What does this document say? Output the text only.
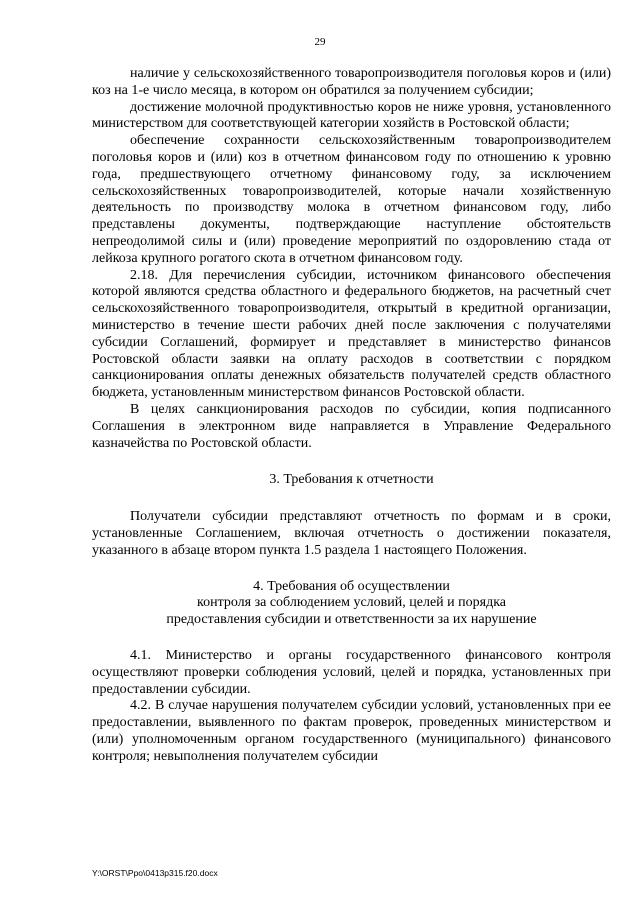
29

наличие у сельскохозяйственного товаропроизводителя поголовья коров и (или) коз на 1-е число месяца, в котором он обратился за получением субсидии;

достижение молочной продуктивностью коров не ниже уровня, установленного министерством для соответствующей категории хозяйств в Ростовской области;

обеспечение сохранности сельскохозяйственным товаропроизводителем поголовья коров и (или) коз в отчетном финансовом году по отношению к уровню года, предшествующего отчетному финансовому году, за исключением сельскохозяйственных товаропроизводителей, которые начали хозяйственную деятельность по производству молока в отчетном финансовом году, либо представлены документы, подтверждающие наступление обстоятельств непреодолимой силы и (или) проведение мероприятий по оздоровлению стада от лейкоза крупного рогатого скота в отчетном финансовом году.

2.18. Для перечисления субсидии, источником финансового обеспечения которой являются средства областного и федерального бюджетов, на расчетный счет сельскохозяйственного товаропроизводителя, открытый в кредитной организации, министерство в течение шести рабочих дней после заключения с получателями субсидии Соглашений, формирует и представляет в министерство финансов Ростовской области заявки на оплату расходов в соответствии с порядком санкционирования оплаты денежных обязательств получателей средств областного бюджета, установленным министерством финансов Ростовской области.

В целях санкционирования расходов по субсидии, копия подписанного Соглашения в электронном виде направляется в Управление Федерального казначейства по Ростовской области.

3. Требования к отчетности

Получатели субсидии представляют отчетность по формам и в сроки, установленные Соглашением, включая отчетность о достижении показателя, указанного в абзаце втором пункта 1.5 раздела 1 настоящего Положения.

4. Требования об осуществлении
контроля за соблюдением условий, целей и порядка
предоставления субсидии и ответственности за их нарушение

4.1. Министерство и органы государственного финансового контроля осуществляют проверки соблюдения условий, целей и порядка, установленных при предоставлении субсидии.

4.2. В случае нарушения получателем субсидии условий, установленных при ее предоставлении, выявленного по фактам проверок, проведенных министерством и (или) уполномоченным органом государственного (муниципального) финансового контроля; невыполнения получателем субсидии

Y:\ORST\Ppo\0413p315.f20.docx
